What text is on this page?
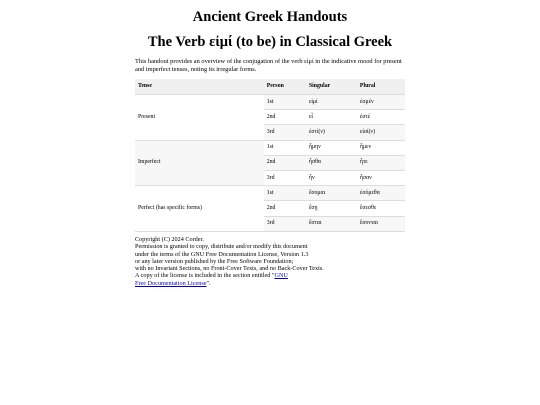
Ancient Greek Handouts
The Verb εἰμί (to be) in Classical Greek
This handout provides an overview of the conjugation of the verb εἰμί in the indicative mood for present and imperfect tenses, noting its irregular forms.
Tense	Person	Singular	Plural
Present	1st	εἰμί	ἐσμέν
	2nd	εἶ	ἐστέ
	3rd	ἐστί(ν)	εἰσί(ν)
Imperfect	1st	ἦμην	ἦμεν
	2nd	ἦσθα	ἦτε
	3rd	ἦν	ἦσαν
Perfect (has specific forms)	1st	ἔσομαι	ἐσόμεθα
	2nd	ἔσῃ	ἔσεσθε
	3rd	ἔσται	ἔσονται
Copyright (C) 2024 Corder.
Permission is granted to copy, distribute and/or modify this document
under the terms of the GNU Free Documentation License, Version 1.3
or any later version published by the Free Software Foundation;
with no Invariant Sections, no Front-Cover Texts, and no Back-Cover Texts.
A copy of the license is included in the section entitled "GNU
Free Documentation License".
